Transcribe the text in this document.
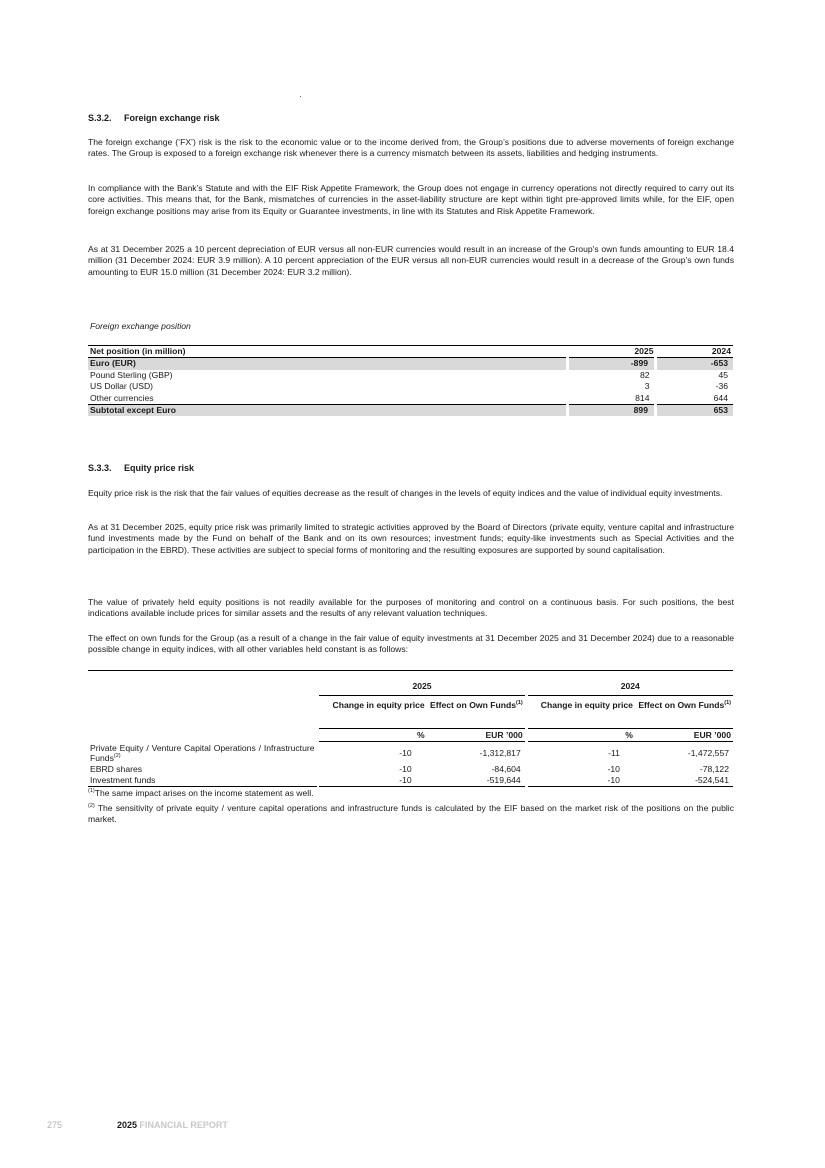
S.3.2. Foreign exchange risk

The foreign exchange (‘FX’) risk is the risk to the economic value or to the income derived from, the Group’s positions due to adverse movements of foreign exchange rates. The Group is exposed to a foreign exchange risk whenever there is a currency mismatch between its assets, liabilities and hedging instruments.

In compliance with the Bank’s Statute and with the EIF Risk Appetite Framework, the Group does not engage in currency operations not directly required to carry out its core activities. This means that, for the Bank, mismatches of currencies in the asset-liability structure are kept within tight pre-approved limits while, for the EIF, open foreign exchange positions may arise from its Equity or Guarantee investments, in line with its Statutes and Risk Appetite Framework.

As at 31 December 2025 a 10 percent depreciation of EUR versus all non-EUR currencies would result in an increase of the Group’s own funds amounting to EUR 18.4 million (31 December 2024: EUR 3.9 million). A 10 percent appreciation of the EUR versus all non-EUR currencies would result in a decrease of the Group’s own funds amounting to EUR 15.0 million (31 December 2024: EUR 3.2 million).

Foreign exchange position
Net position (in million)	2025	2024
Euro (EUR)	-899	-653
Pound Sterling (GBP)	82	45
US Dollar (USD)	3	-36
Other currencies	814	644
Subtotal except Euro	899	653
S.3.3. Equity price risk

Equity price risk is the risk that the fair values of equities decrease as the result of changes in the levels of equity indices and the value of individual equity investments.

As at 31 December 2025, equity price risk was primarily limited to strategic activities approved by the Board of Directors (private equity, venture capital and infrastructure fund investments made by the Fund on behalf of the Bank and on its own resources; investment funds; equity-like investments such as Special Activities and the participation in the EBRD). These activities are subject to special forms of monitoring and the resulting exposures are supported by sound capitalisation.

The value of privately held equity positions is not readily available for the purposes of monitoring and control on a continuous basis. For such positions, the best indications available include prices for similar assets and the results of any relevant valuation techniques.

The effect on own funds for the Group (as a result of a change in the fair value of equity investments at 31 December 2025 and 31 December 2024) due to a reasonable possible change in equity indices, with all other variables held constant is as follows:

		2025			2024	
		Change in equity price	Effect on Own Funds$^{(1)}$		Change in equity price	Effect on Own Funds$^{(1)}$
		%	EUR ’000		%	EUR ’000
Private Equity / Venture Capital Operations / Infrastructure Funds$^{(2)}$		-10	-1,312,817		-11	-1,472,557
EBRD shares		-10	-84,604		-10	-78,122
Investment funds		-10	-519,644		-10	-524,541
$^{(1)}$The same impact arises on the income statement as well.
$^{(2)}$ The sensitivity of private equity / venture capital operations and infrastructure funds is calculated by the EIF based on the market risk of the positions on the public market.
275	2025 FINANCIAL REPORT
